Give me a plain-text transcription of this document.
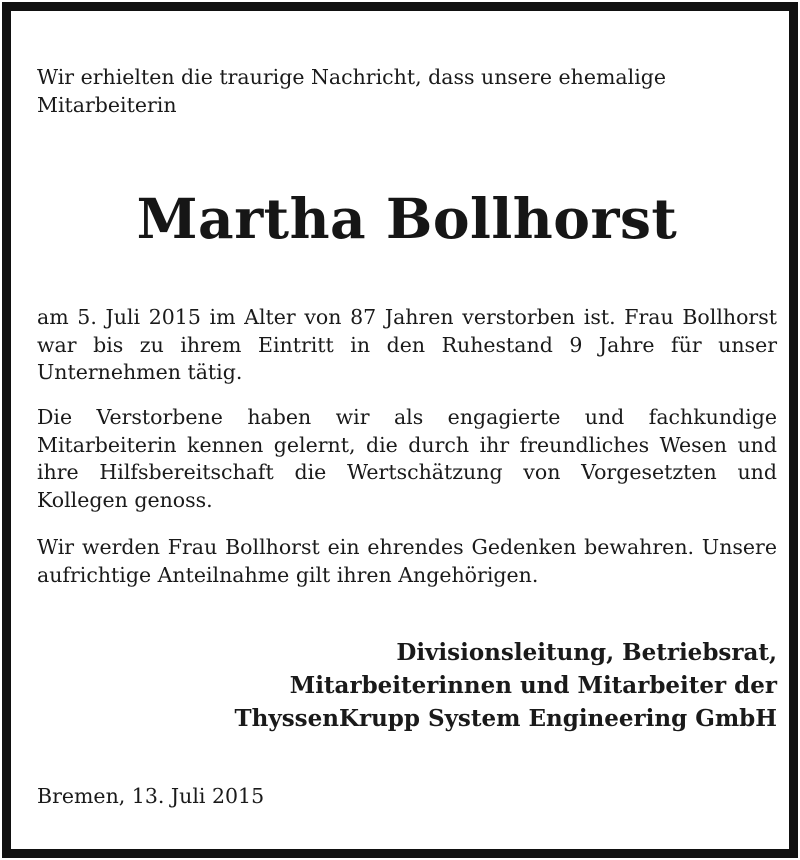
Wir erhielten die traurige Nachricht, dass unsere ehemalige Mitarbeiterin

Martha Bollhorst

am 5. Juli 2015 im Alter von 87 Jahren verstorben ist. Frau Bollhorst war bis zu ihrem Eintritt in den Ruhestand 9 Jahre für unser Unternehmen tätig.

Die Verstorbene haben wir als engagierte und fachkundige Mitarbeiterin kennen gelernt, die durch ihr freundliches Wesen und ihre Hilfsbereitschaft die Wertschätzung von Vorgesetzten und Kollegen genoss.

Wir werden Frau Bollhorst ein ehrendes Gedenken bewahren. Unsere aufrichtige Anteilnahme gilt ihren Angehörigen.

Divisionsleitung, Betriebsrat,
Mitarbeiterinnen und Mitarbeiter der
ThyssenKrupp System Engineering GmbH

Bremen, 13. Juli 2015
